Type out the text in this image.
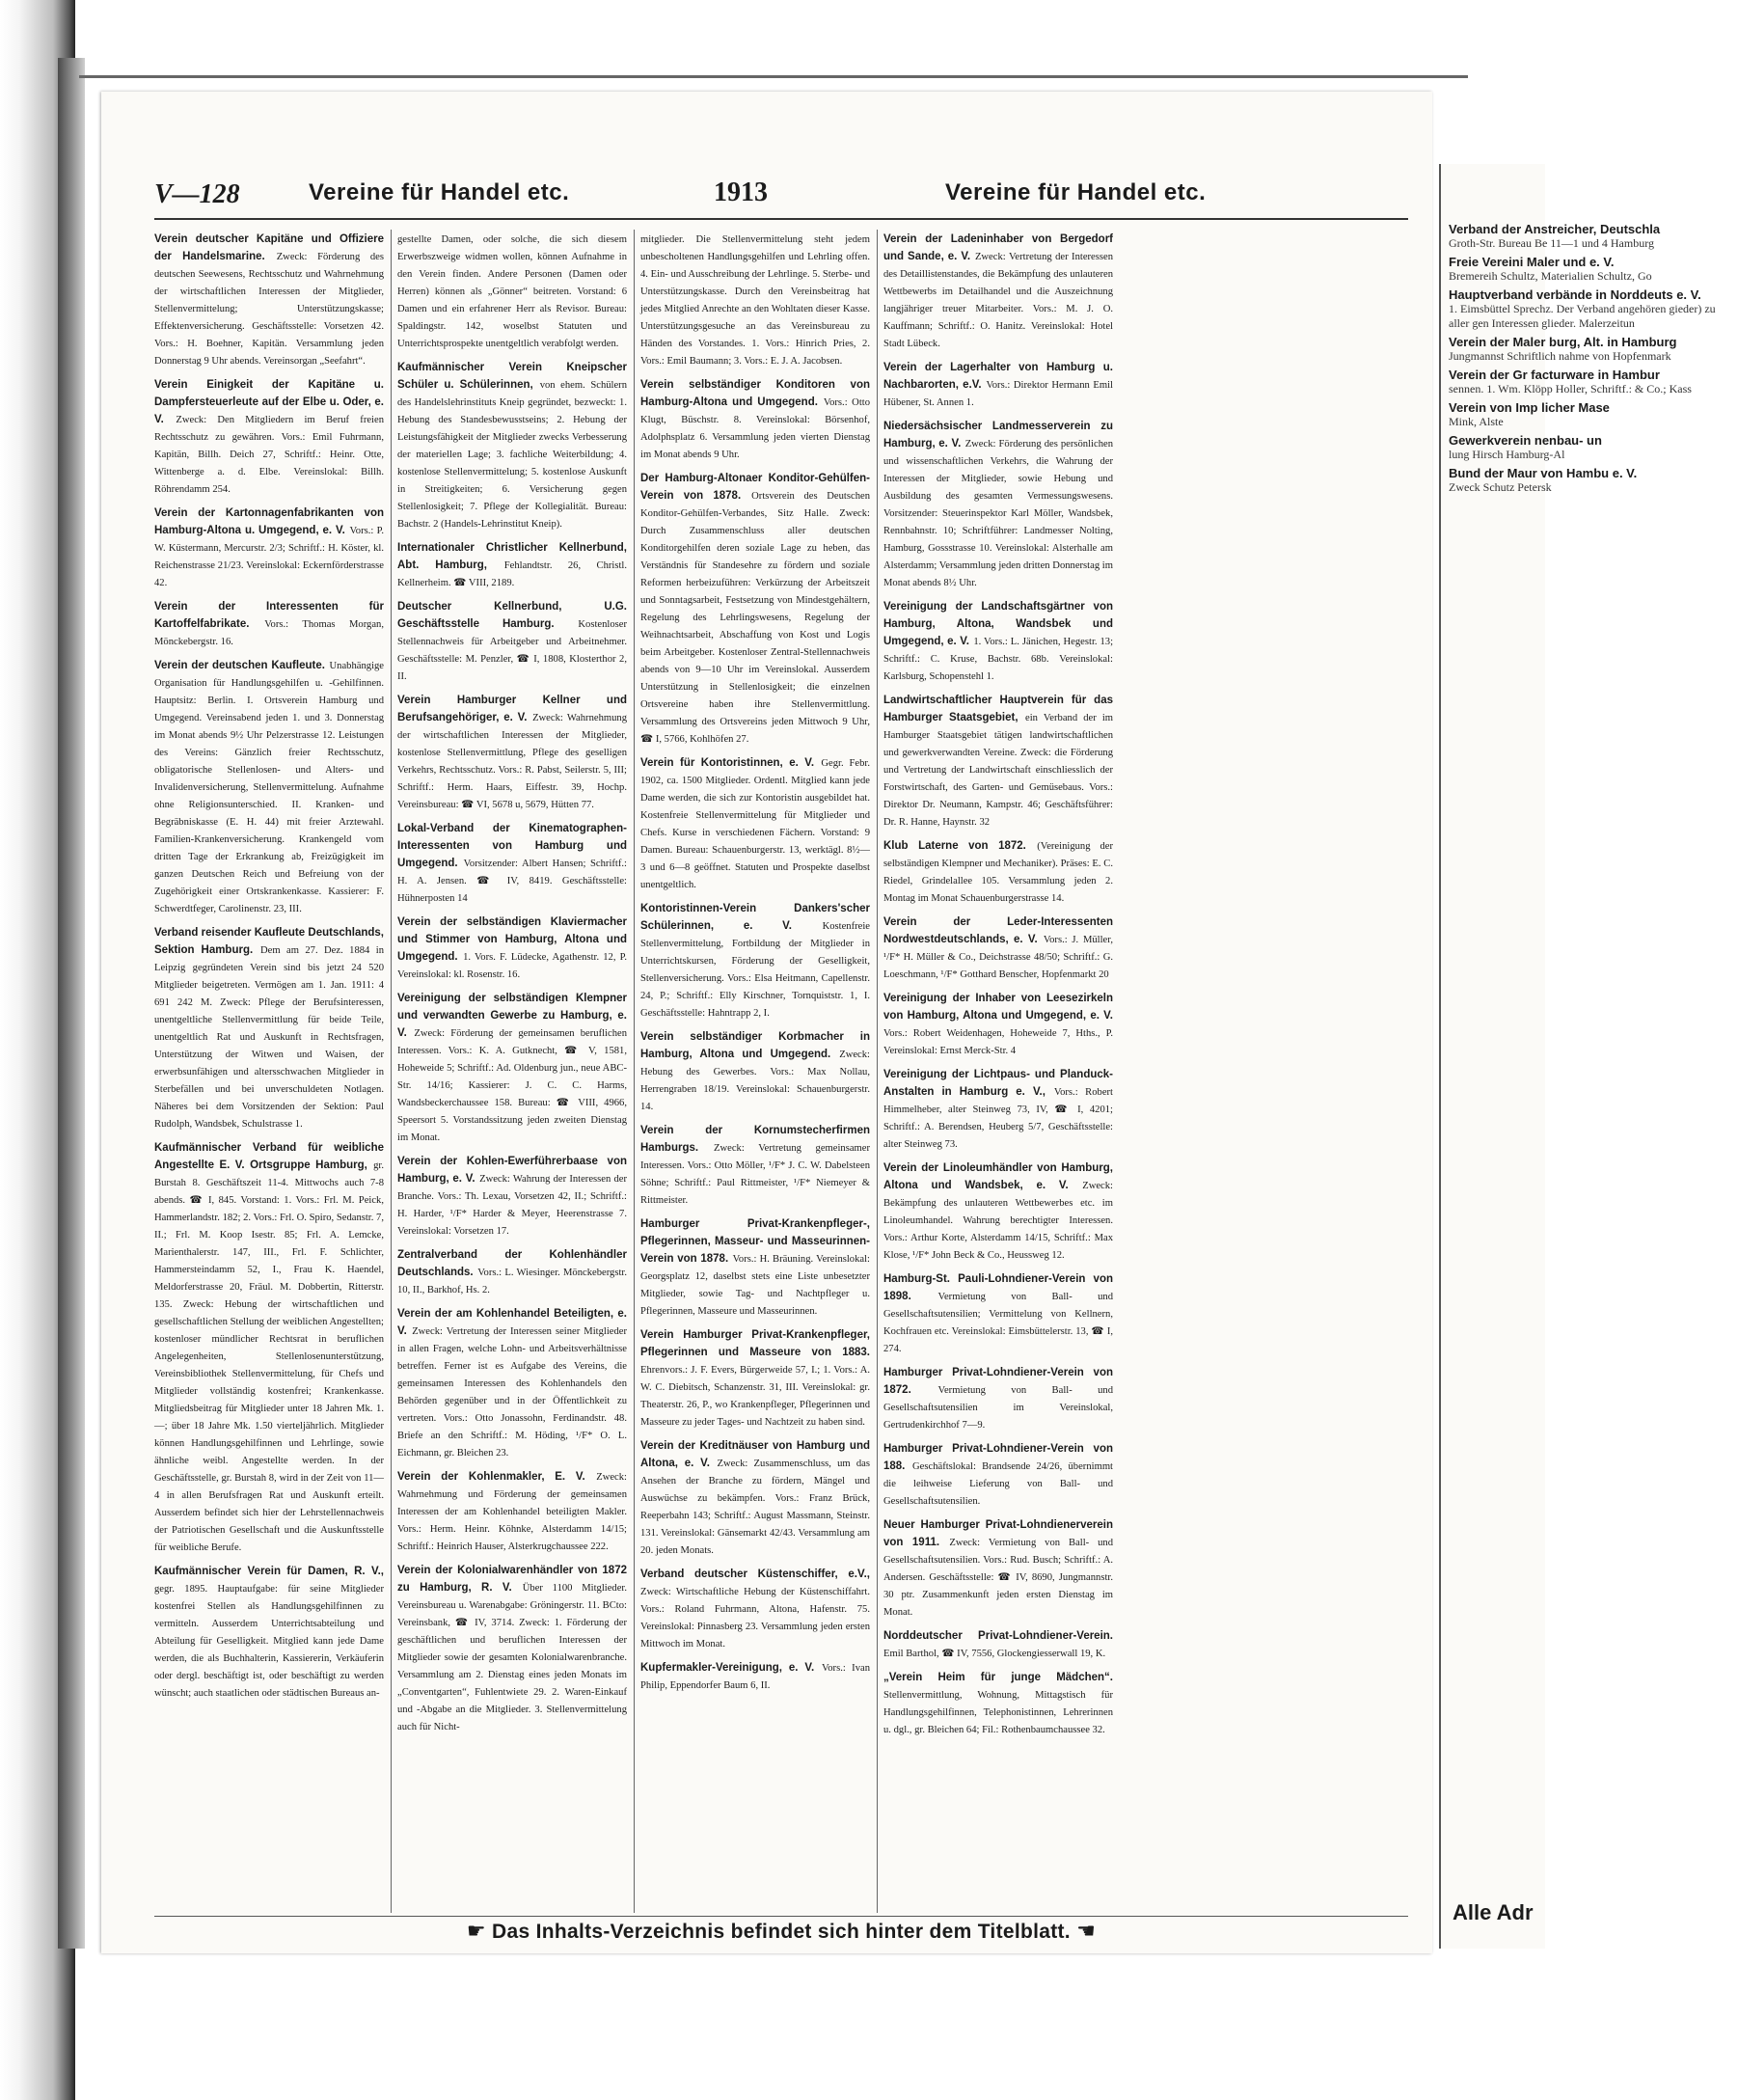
V—128	Vereine für Handel etc.	1913	Vereine für Handel etc.

Verein deutscher Kapitäne und Offiziere der Handelsmarine. Zweck: Förderung des deutschen Seewesens, Rechtsschutz und Wahrnehmung der wirtschaftlichen Interessen der Mitglieder, Stellenvermittelung; Unterstützungskasse; Effektenversicherung. Geschäftsstelle: Vorsetzen 42. Vors.: H. Boehner, Kapitän. Versammlung jeden Donnerstag 9 Uhr abends. Vereinsorgan „Seefahrt“.

Verein Einigkeit der Kapitäne u. Dampfersteuerleute auf der Elbe u. Oder, e. V. Zweck: Den Mitgliedern im Beruf freien Rechtsschutz zu gewähren. Vors.: Emil Fuhrmann, Kapitän, Billh. Deich 27, Schriftf.: Heinr. Otte, Wittenberge a. d. Elbe. Vereinslokal: Billh. Röhrendamm 254.

Verein der Kartonnagenfabrikanten von Hamburg-Altona u. Umgegend, e. V. Vors.: P. W. Küstermann, Mercurstr. 2/3; Schriftf.: H. Köster, kl. Reichenstrasse 21/23. Vereinslokal: Eckernförderstrasse 42.

Verein der Interessenten für Kartoffelfabrikate. Vors.: Thomas Morgan, Mönckebergstr. 16.

Verein der deutschen Kaufleute. Unabhängige Organisation für Handlungsgehilfen u. -Gehilfinnen. Hauptsitz: Berlin. I. Ortsverein Hamburg und Umgegend. Vereinsabend jeden 1. und 3. Donnerstag im Monat abends 9½ Uhr Pelzerstrasse 12. Leistungen des Vereins: Gänzlich freier Rechtsschutz, obligatorische Stellenlosen- und Alters- und Invalidenversicherung, Stellenvermittelung. Aufnahme ohne Religionsunterschied. II. Kranken- und Begräbniskasse (E. H. 44) mit freier Arztewahl. Familien-Krankenversicherung. Krankengeld vom dritten Tage der Erkrankung ab, Freizügigkeit im ganzen Deutschen Reich und Befreiung von der Zugehörigkeit einer Ortskrankenkasse. Kassierer: F. Schwerdtfeger, Carolinenstr. 23, III.

Verband reisender Kaufleute Deutschlands, Sektion Hamburg. Dem am 27. Dez. 1884 in Leipzig gegründeten Verein sind bis jetzt 24 520 Mitglieder beigetreten. Vermögen am 1. Jan. 1911: 4 691 242 M. Zweck: Pflege der Berufsinteressen, unentgeltliche Stellenvermittlung für beide Teile, unentgeltlich Rat und Auskunft in Rechtsfragen, Unterstützung der Witwen und Waisen, der erwerbsunfähigen und altersschwachen Mitglieder in Sterbefällen und bei unverschuldeten Notlagen. Näheres bei dem Vorsitzenden der Sektion: Paul Rudolph, Wandsbek, Schulstrasse 1.

Kaufmännischer Verband für weibliche Angestellte E. V. Ortsgruppe Hamburg, gr. Burstah 8. Geschäftszeit 11-4. Mittwochs auch 7-8 abends. ☎ I, 845. Vorstand: 1. Vors.: Frl. M. Peick, Hammerlandstr. 182; 2. Vors.: Frl. O. Spiro, Sedanstr. 7, II.; Frl. M. Koop Isestr. 85; Frl. A. Lemcke, Marienthalerstr. 147, III., Frl. F. Schlichter, Hammersteindamm 52, I., Frau K. Haendel, Meldorferstrasse 20, Fräul. M. Dobbertin, Ritterstr. 135. Zweck: Hebung der wirtschaftlichen und gesellschaftlichen Stellung der weiblichen Angestellten; kostenloser mündlicher Rechtsrat in beruflichen Angelegenheiten, Stellenlosenunterstützung, Vereinsbibliothek Stellenvermittelung, für Chefs und Mitglieder vollständig kostenfrei; Krankenkasse. Mitgliedsbeitrag für Mitglieder unter 18 Jahren Mk. 1.—; über 18 Jahre Mk. 1.50 vierteljährlich. Mitglieder können Handlungsgehilfinnen und Lehrlinge, sowie ähnliche weibl. Angestellte werden. In der Geschäftsstelle, gr. Burstah 8, wird in der Zeit von 11—4 in allen Berufsfragen Rat und Auskunft erteilt. Ausserdem befindet sich hier der Lehrstellennachweis der Patriotischen Gesellschaft und die Auskunftsstelle für weibliche Berufe.

Kaufmännischer Verein für Damen, R. V., gegr. 1895. Hauptaufgabe: für seine Mitglieder kostenfrei Stellen als Handlungsgehilfinnen zu vermitteln. Ausserdem Unterrichtsabteilung und Abteilung für Geselligkeit. Mitglied kann jede Dame werden, die als Buchhalterin, Kassiererin, Verkäuferin oder dergl. beschäftigt ist, oder beschäftigt zu werden wünscht; auch staatlichen oder städtischen Bureaus an-

gestellte Damen, oder solche, die sich diesem Erwerbszweige widmen wollen, können Aufnahme in den Verein finden. Andere Personen (Damen oder Herren) können als „Gönner“ beitreten. Vorstand: 6 Damen und ein erfahrener Herr als Revisor. Bureau: Spaldingstr. 142, woselbst Statuten und Unterrichtsprospekte unentgeltlich verabfolgt werden.

Kaufmännischer Verein Kneipscher Schüler u. Schülerinnen, von ehem. Schülern des Handelslehrinstituts Kneip gegründet, bezweckt: 1. Hebung des Standesbewusstseins; 2. Hebung der Leistungsfähigkeit der Mitglieder zwecks Verbesserung der materiellen Lage; 3. fachliche Weiterbildung; 4. kostenlose Stellenvermittelung; 5. kostenlose Auskunft in Streitigkeiten; 6. Versicherung gegen Stellenlosigkeit; 7. Pflege der Kollegialität. Bureau: Bachstr. 2 (Handels-Lehrinstitut Kneip).

Internationaler Christlicher Kellnerbund, Abt. Hamburg, Fehlandtstr. 26, Christl. Kellnerheim. ☎ VIII, 2189.

Deutscher Kellnerbund, U.G. Geschäftsstelle Hamburg. Kostenloser Stellennachweis für Arbeitgeber und Arbeitnehmer. Geschäftsstelle: M. Penzler, ☎ I, 1808, Klosterthor 2, II.

Verein Hamburger Kellner und Berufsangehöriger, e. V. Zweck: Wahrnehmung der wirtschaftlichen Interessen der Mitglieder, kostenlose Stellenvermittlung, Pflege des geselligen Verkehrs, Rechtsschutz. Vors.: R. Pabst, Seilerstr. 5, III; Schriftf.: Herm. Haars, Eiffestr. 39, Hochp. Vereinsbureau: ☎ VI, 5678 u, 5679, Hütten 77.

Lokal-Verband der Kinematographen-Interessenten von Hamburg und Umgegend. Vorsitzender: Albert Hansen; Schriftf.: H. A. Jensen. ☎ IV, 8419. Geschäftsstelle: Hühnerposten 14

Verein der selbständigen Klaviermacher und Stimmer von Hamburg, Altona und Umgegend. 1. Vors. F. Lüdecke, Agathenstr. 12, P. Vereinslokal: kl. Rosenstr. 16.

Vereinigung der selbständigen Klempner und verwandten Gewerbe zu Hamburg, e. V. Zweck: Förderung der gemeinsamen beruflichen Interessen. Vors.: K. A. Gutknecht, ☎ V, 1581, Hoheweide 5; Schriftf.: Ad. Oldenburg jun., neue ABC-Str. 14/16; Kassierer: J. C. C. Harms, Wandsbeckerchaussee 158. Bureau: ☎ VIII, 4966, Speersort 5. Vorstandssitzung jeden zweiten Dienstag im Monat.

Verein der Kohlen-Ewerführerbaase von Hamburg, e. V. Zweck: Wahrung der Interessen der Branche. Vors.: Th. Lexau, Vorsetzen 42, II.; Schriftf.: H. Harder, ¹/F* Harder & Meyer, Heerenstrasse 7. Vereinslokal: Vorsetzen 17.

Zentralverband der Kohlenhändler Deutschlands. Vors.: L. Wiesinger. Mönckebergstr. 10, II., Barkhof, Hs. 2.

Verein der am Kohlenhandel Beteiligten, e. V. Zweck: Vertretung der Interessen seiner Mitglieder in allen Fragen, welche Lohn- und Arbeitsverhältnisse betreffen. Ferner ist es Aufgabe des Vereins, die gemeinsamen Interessen des Kohlenhandels den Behörden gegenüber und in der Öffentlichkeit zu vertreten. Vors.: Otto Jonassohn, Ferdinandstr. 48. Briefe an den Schriftf.: M. Höding, ¹/F* O. L. Eichmann, gr. Bleichen 23.

Verein der Kohlenmakler, E. V. Zweck: Wahrnehmung und Förderung der gemeinsamen Interessen der am Kohlenhandel beteiligten Makler. Vors.: Herm. Heinr. Köhnke, Alsterdamm 14/15; Schriftf.: Heinrich Hauser, Alsterkrugchaussee 222.

Verein der Kolonialwarenhändler von 1872 zu Hamburg, R. V. Über 1100 Mitglieder. Vereinsbureau u. Warenabgabe: Gröningerstr. 11. BCto: Vereinsbank, ☎ IV, 3714. Zweck: 1. Förderung der geschäftlichen und beruflichen Interessen der Mitglieder sowie der gesamten Kolonialwarenbranche. Versammlung am 2. Dienstag eines jeden Monats im „Conventgarten“, Fuhlentwiete 29. 2. Waren-Einkauf und -Abgabe an die Mitglieder. 3. Stellenvermittelung auch für Nicht-

mitglieder. Die Stellenvermittelung steht jedem unbescholtenen Handlungsgehilfen und Lehrling offen. 4. Ein- und Ausschreibung der Lehrlinge. 5. Sterbe- und Unterstützungskasse. Durch den Vereinsbeitrag hat jedes Mitglied Anrechte an den Wohltaten dieser Kasse. Unterstützungsgesuche an das Vereinsbureau zu Händen des Vorstandes. 1. Vors.: Hinrich Pries, 2. Vors.: Emil Baumann; 3. Vors.: E. J. A. Jacobsen.

Verein selbständiger Konditoren von Hamburg-Altona und Umgegend. Vors.: Otto Klugt, Büschstr. 8. Vereinslokal: Börsenhof, Adolphsplatz 6. Versammlung jeden vierten Dienstag im Monat abends 9 Uhr.

Der Hamburg-Altonaer Konditor-Gehülfen-Verein von 1878. Ortsverein des Deutschen Konditor-Gehülfen-Verbandes, Sitz Halle. Zweck: Durch Zusammenschluss aller deutschen Konditorgehilfen deren soziale Lage zu heben, das Verständnis für Standesehre zu fördern und soziale Reformen herbeizuführen: Verkürzung der Arbeitszeit und Sonntagsarbeit, Festsetzung von Mindestgehältern, Regelung des Lehrlingswesens, Regelung der Weihnachtsarbeit, Abschaffung von Kost und Logis beim Arbeitgeber. Kostenloser Zentral-Stellennachweis abends von 9—10 Uhr im Vereinslokal. Ausserdem Unterstützung in Stellenlosigkeit; die einzelnen Ortsvereine haben ihre Stellenvermittlung. Versammlung des Ortsvereins jeden Mittwoch 9 Uhr, ☎ I, 5766, Kohlhöfen 27.

Verein für Kontoristinnen, e. V. Gegr. Febr. 1902, ca. 1500 Mitglieder. Ordentl. Mitglied kann jede Dame werden, die sich zur Kontoristin ausgebildet hat. Kostenfreie Stellenvermittelung für Mitglieder und Chefs. Kurse in verschiedenen Fächern. Vorstand: 9 Damen. Bureau: Schauenburgerstr. 13, werktägl. 8½—3 und 6—8 geöffnet. Statuten und Prospekte daselbst unentgeltlich.

Kontoristinnen-Verein Dankers'scher Schülerinnen, e. V.	Kostenfreie Stellenvermittelung, Fortbildung der Mitglieder in Unterrichtskursen, Förderung der Geselligkeit, Stellenversicherung. Vors.: Elsa Heitmann, Capellenstr. 24, P.; Schriftf.: Elly Kirschner, Tornquiststr. 1, I. Geschäftsstelle: Hahntrapp 2, I.

Verein selbständiger Korbmacher in Hamburg, Altona und Umgegend. Zweck: Hebung des Gewerbes. Vors.: Max Nollau, Herrengraben 18/19. Vereinslokal: Schauenburgerstr. 14.

Verein der Kornumstecherfirmen Hamburgs. Zweck: Vertretung gemeinsamer Interessen. Vors.: Otto Möller, ¹/F* J. C. W. Dabelsteen Söhne; Schriftf.: Paul Rittmeister, ¹/F* Niemeyer & Rittmeister.

Hamburger Privat-Krankenpfleger-, Pflegerinnen, Masseur- und Masseurinnen-Verein von 1878. Vors.: H. Bräuning. Vereinslokal: Georgsplatz 12, daselbst stets eine Liste unbesetzter Mitglieder, sowie Tag- und Nachtpfleger u. Pflegerinnen, Masseure und Masseurinnen.

Verein Hamburger Privat-Krankenpfleger, Pflegerinnen und Masseure von 1883. Ehrenvors.: J. F. Evers, Bürgerweide 57, I.; 1. Vors.: A. W. C. Diebitsch, Schanzenstr. 31, III. Vereinslokal: gr. Theaterstr. 26, P., wo Krankenpfleger, Pflegerinnen und Masseure zu jeder Tages- und Nachtzeit zu haben sind.

Verein der Kreditnäuser von Hamburg und Altona, e. V. Zweck: Zusammenschluss, um das Ansehen der Branche zu fördern, Mängel und Auswüchse zu bekämpfen. Vors.: Franz Brück, Reeperbahn 143; Schriftf.: August Massmann, Steinstr. 131. Vereinslokal: Gänsemarkt 42/43. Versammlung am 20. jeden Monats.

Verband deutscher Küstenschiffer, e.V., Zweck: Wirtschaftliche Hebung der Küstenschiffahrt. Vors.: Roland Fuhrmann, Altona, Hafenstr. 75. Vereinslokal: Pinnasberg 23. Versammlung jeden ersten Mittwoch im Monat.

Kupfermakler-Vereinigung, e. V. Vors.: Ivan Philip, Eppendorfer Baum 6, II.

Verein der Ladeninhaber von Bergedorf und Sande, e. V. Zweck: Vertretung der Interessen des Detaillistenstandes, die Bekämpfung des unlauteren Wettbewerbs im Detailhandel und die Auszeichnung langjähriger treuer Mitarbeiter. Vors.: M. J. O. Kauffmann; Schriftf.: O. Hanitz. Vereinslokal: Hotel Stadt Lübeck.

Verein der Lagerhalter von Hamburg u. Nachbarorten, e.V. Vors.: Direktor Hermann Emil Hübener, St. Annen 1.

Niedersächsischer Landmesserverein zu Hamburg, e. V. Zweck: Förderung des persönlichen und wissenschaftlichen Verkehrs, die Wahrung der Interessen der Mitglieder, sowie Hebung und Ausbildung des gesamten Vermessungswesens. Vorsitzender: Steuerinspektor Karl Möller, Wandsbek, Rennbahnstr. 10; Schriftführer: Landmesser Nolting, Hamburg, Gossstrasse 10. Vereinslokal: Alsterhalle am Alsterdamm; Versammlung jeden dritten Donnerstag im Monat abends 8½ Uhr.

Vereinigung der Landschaftsgärtner von Hamburg, Altona, Wandsbek und Umgegend, e. V. 1. Vors.: L. Jänichen, Hegestr. 13; Schriftf.: C. Kruse, Bachstr. 68b. Vereinslokal: Karlsburg, Schopenstehl 1.

Landwirtschaftlicher Hauptverein für das Hamburger Staatsgebiet, ein Verband der im Hamburger Staatsgebiet tätigen landwirtschaftlichen und gewerkverwandten Vereine. Zweck: die Förderung und Vertretung der Landwirtschaft einschliesslich der Forstwirtschaft, des Garten- und Gemüsebaus. Vors.: Direktor Dr. Neumann, Kampstr. 46; Geschäftsführer: Dr. R. Hanne, Haynstr. 32

Klub Laterne von 1872. (Vereinigung der selbständigen Klempner und Mechaniker). Präses: E. C. Riedel, Grindelallee 105. Versammlung jeden 2. Montag im Monat Schauenburgerstrasse 14.

Verein der Leder-Interessenten Nordwestdeutschlands, e. V. Vors.: J. Müller, ¹/F* H. Müller & Co., Deichstrasse 48/50; Schriftf.: G. Loeschmann, ¹/F* Gotthard Benscher, Hopfenmarkt 20

Vereinigung der Inhaber von Leesezirkeln von Hamburg, Altona und Umgegend, e. V. Vors.: Robert Weidenhagen, Hoheweide 7, Hths., P. Vereinslokal: Ernst Merck-Str. 4

Vereinigung der Lichtpaus- und Planduck-Anstalten in Hamburg e. V., Vors.: Robert Himmelheber, alter Steinweg 73, IV, ☎ I, 4201; Schriftf.: A. Berendsen, Heuberg 5/7, Geschäftsstelle: alter Steinweg 73.

Verein der Linoleumhändler von Hamburg, Altona und Wandsbek, e. V. Zweck: Bekämpfung des unlauteren Wettbewerbes etc. im Linoleumhandel. Wahrung berechtigter Interessen. Vors.: Arthur Korte, Alsterdamm 14/15, Schriftf.: Max Klose, ¹/F* John Beck & Co., Heussweg 12.

Hamburg-St. Pauli-Lohndiener-Verein von 1898.	Vermietung von Ball- und Gesellschaftsutensilien; Vermittelung von Kellnern, Kochfrauen etc. Vereinslokal: Eimsbüttelerstr. 13, ☎ I, 274.

Hamburger Privat-Lohndiener-Verein von 1872.	Vermietung von Ball- und Gesellschaftsutensilien im Vereinslokal, Gertrudenkirchhof 7—9.

Hamburger Privat-Lohndiener-Verein von 188. Geschäftslokal: Brandsende 24/26, übernimmt die leihweise Lieferung von Ball- und Gesellschaftsutensilien.

Neuer Hamburger Privat-Lohndienerverein von 1911. Zweck: Vermietung von Ball- und Gesellschaftsutensilien. Vors.: Rud. Busch; Schriftf.: A. Andersen. Geschäftsstelle: ☎ IV, 8690, Jungmannstr. 30 ptr. Zusammenkunft jeden ersten Dienstag im Monat.

Norddeutscher Privat-Lohndiener-Verein. Emil Barthol, ☎ IV, 7556, Glockengiesserwall 19, K.

„Verein Heim für junge Mädchen“. Stellenvermittlung, Wohnung, Mittagstisch für Handlungsgehilfinnen, Telephonistinnen, Lehrerinnen u. dgl., gr. Bleichen 64; Fil.: Rothenbaumchaussee 32.

☛ Das Inhalts-Verzeichnis befindet sich hinter dem Titelblatt. ☚
Verband der Anstreicher, Deutschla
Groth-Str. Bureau Be 11—1 und 4 Hamburg
Freie Vereini Maler und e. V.
Bremereih Schultz, Materialien Schultz, Go
Hauptverband verbände in Norddeuts e. V.
1. Eimsbüttel Sprechz. Der Verband angehören gieder) zu aller gen Interessen glieder. Malerzeitun
Verein der Maler burg, Alt. in Hamburg
Jungmannst Schriftlich nahme von Hopfenmark
Verein der Gr facturware in Hambur
sennen. 1. Wm. Klöpp Holler, Schriftf.: & Co.; Kass
Verein von Imp licher Mase
Mink, Alste
Gewerkverein nenbau- un
lung Hirsch Hamburg-Al
Bund der Maur von Hambu e. V.
Zweck Schutz Petersk
Alle Adr
